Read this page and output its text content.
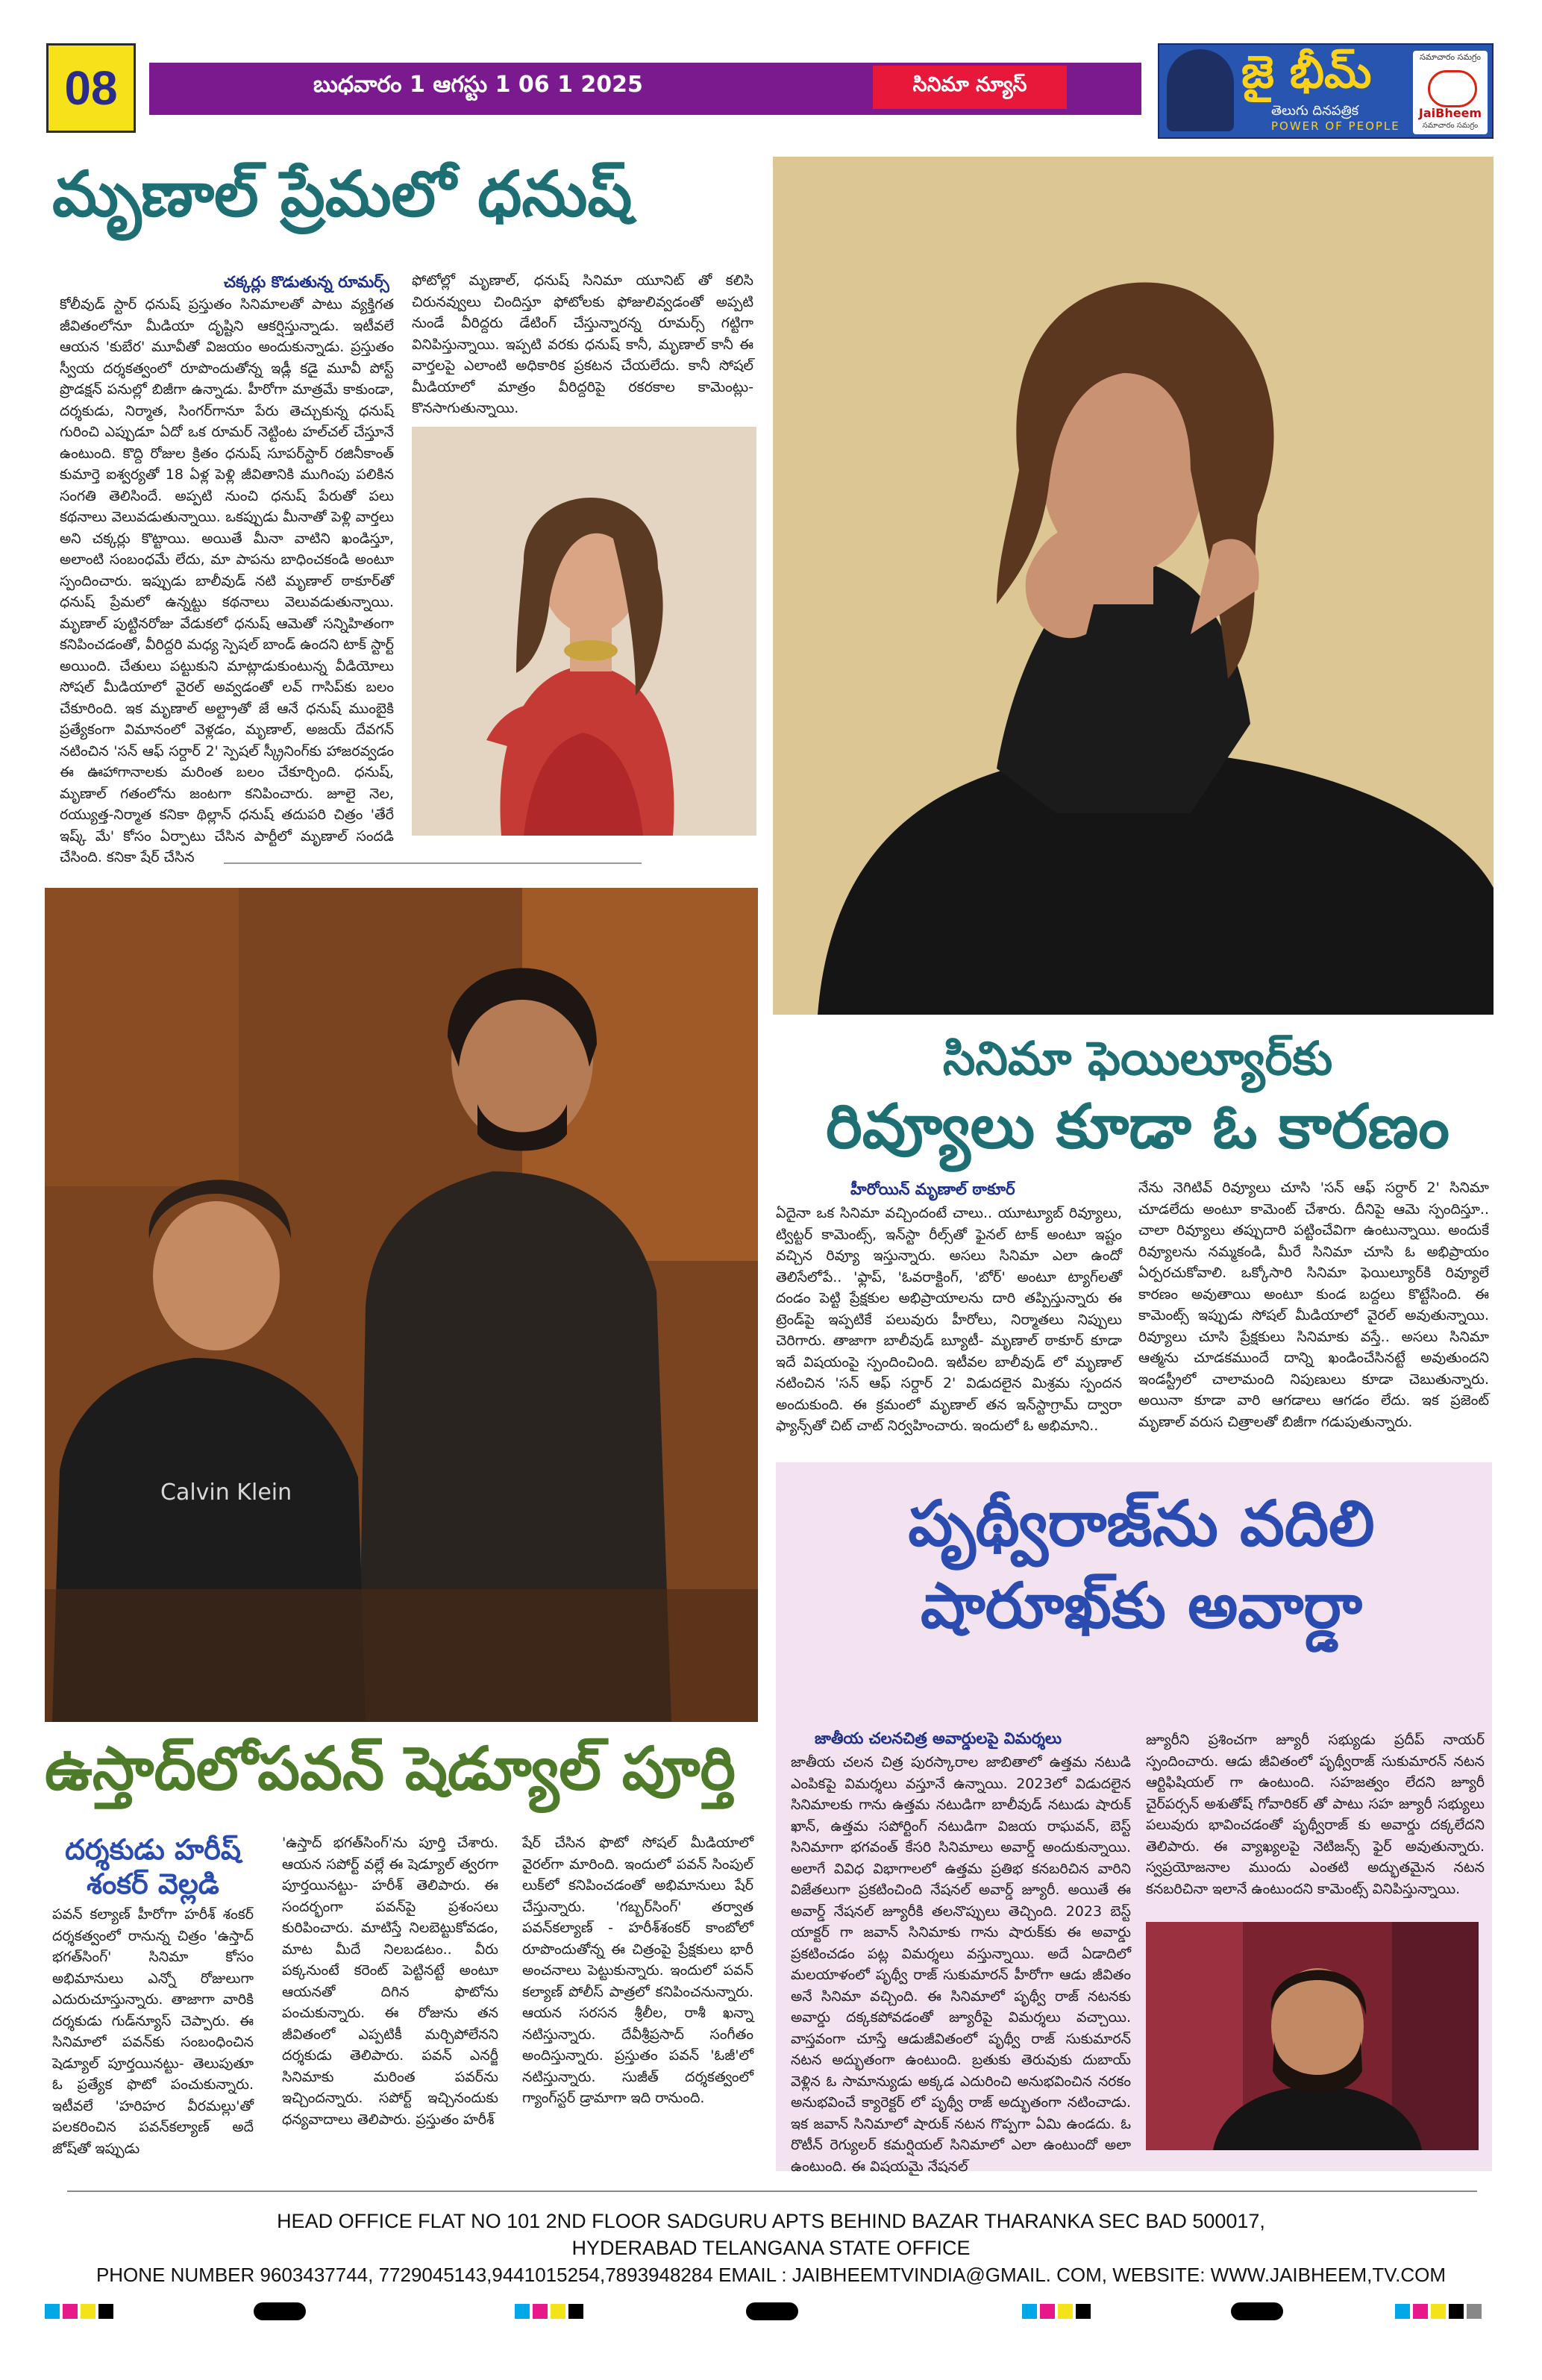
08	బుధవారం 1 ఆగస్టు 1 06 1 2025	సినిమా న్యూస్	జై భీమ్
తెలుగు దినపత్రిక
POWER OF PEOPLE
సమాచారం సమగ్రం
JaiBheem
సమాచారం సమగ్రం
మృణాల్ ప్రేమలో ధనుష్
చక్కర్లు కొడుతున్న రూమర్స్

కోలీవుడ్ స్టార్ ధనుష్ ప్రస్తుతం సినిమాలతో పాటు వ్యక్తిగత జీవితంలోనూ మీడియా దృష్టిని ఆకర్షిస్తున్నాడు. ఇటీవలే ఆయన 'కుబేర' మూవీతో విజయం అందుకున్నాడు. ప్రస్తుతం స్వీయ దర్శకత్వంలో రూపొందుతోన్న ఇడ్లీ కడై మూవీ పోస్ట్ ప్రొడక్షన్ పనుల్లో బిజీగా ఉన్నాడు. హీరోగా మాత్రమే కాకుండా, దర్శకుడు, నిర్మాత, సింగర్‌గానూ పేరు తెచ్చుకున్న ధనుష్ గురించి ఎప్పుడూ ఏదో ఒక రూమర్ నెట్టింట హల్‌చల్ చేస్తూనే ఉంటుంది. కొద్ది రోజుల క్రితం ధనుష్ సూపర్‌స్టార్ రజినీకాంత్ కుమార్తె ఐశ్వర్యతో 18 ఏళ్ల పెళ్లి జీవితానికి ముగింపు పలికిన సంగతి తెలిసిందే. అప్పటి నుంచి ధనుష్ పేరుతో పలు కథనాలు వెలువడుతున్నాయి. ఒకప్పుడు మీనాతో పెళ్లి వార్తలు అని చక్కర్లు కొట్టాయి. అయితే మీనా వాటిని ఖండిస్తూ, అలాంటి సంబంధమే లేదు, మా పాపను బాధించకండి అంటూ స్పందించారు. ఇప్పుడు బాలీవుడ్ నటి మృణాల్ ఠాకూర్‌తో ధనుష్ ప్రేమలో ఉన్నట్టు కథనాలు వెలువడుతున్నాయి. మృణాల్ పుట్టినరోజు వేడుకలో ధనుష్ ఆమెతో సన్నిహితంగా కనిపించడంతో, వీరిద్దరి మధ్య స్పెషల్ బాండ్ ఉందని టాక్ స్టార్ట్ అయింది. చేతులు పట్టుకుని మాట్లాడుకుంటున్న వీడియోలు సోషల్ మీడియాలో వైరల్ అవ్వడంతో లవ్ గాసిప్‌కు బలం చేకూరింది. ఇక మృణాల్ అల్ట్రాతో జే ఆనే ధనుష్ ముంబైకి ప్రత్యేకంగా విమానంలో వెళ్లడం, మృణాల్, అజయ్ దేవగన్ నటించిన 'సన్ ఆఫ్ సర్దార్ 2' స్పెషల్ స్క్రీనింగ్‌కు హాజరవ్వడం ఈ ఊహాగానాలకు మరింత బలం చేకూర్చింది. ధనుష్, మృణాల్ గతంలోను జంటగా కనిపించారు. జూలై నెల, రయ్యుత్త-నిర్మాత కనికా థిల్లాన్ ధనుష్ తదుపరి చిత్రం 'తేరే ఇష్క్ మే' కోసం ఏర్పాటు చేసిన పార్టీలో మృణాల్ సందడి చేసింది. కనికా షేర్ చేసిన

ఫోటోల్లో మృణాల్, ధనుష్ సినిమా యూనిట్ తో కలిసి చిరునవ్వులు చిందిస్తూ ఫోటోలకు ఫోజులివ్వడంతో అప్పటి నుండే వీరిద్దరు డేటింగ్ చేస్తున్నారన్న రూమర్స్ గట్టిగా వినిపిస్తున్నాయి. ఇప్పటి వరకు ధనుష్ కానీ, మృణాల్ కానీ ఈ వార్తలపై ఎలాంటి అధికారిక ప్రకటన చేయలేదు. కానీ సోషల్ మీడియాలో మాత్రం వీరిద్దరిపై రకరకాల కామెంట్లు-కొనసాగుతున్నాయి.

Calvin Klein
సినిమా ఫెయిల్యూర్‌కు
రివ్యూలు కూడా ఓ కారణం
హీరోయిన్ మృణాల్ ఠాకూర్

ఏదైనా ఒక సినిమా వచ్చిందంటే చాలు.. యూట్యూబ్ రివ్యూలు, ట్విట్టర్ కామెంట్స్, ఇన్‌స్టా రీల్స్‌తో ఫైనల్ టాక్ అంటూ ఇష్టం వచ్చిన రివ్యూ ఇస్తున్నారు. అసలు సినిమా ఎలా ఉందో తెలిసేలోపే.. 'ఫ్లాప్, 'ఓవరాక్టింగ్, 'బోర్' అంటూ ట్యాగ్‌లతో దండం పెట్టి ప్రేక్షకుల అభిప్రాయాలను దారి తప్పిస్తున్నారు ఈ ట్రెండ్‌పై ఇప్పటికే పలువురు హీరోలు, నిర్మాతలు నిప్పులు చెరిగారు. తాజాగా బాలీవుడ్ బ్యూటీ- మృణాల్ ఠాకూర్ కూడా ఇదే విషయంపై స్పందించింది. ఇటీవల బాలీవుడ్ లో మృణాల్ నటించిన 'సన్ ఆఫ్ సర్దార్ 2' విడుదలైన మిశ్రమ స్పందన అందుకుంది. ఈ క్రమంలో మృణాల్ తన ఇన్‌స్టాగ్రామ్ ద్వారా ఫ్యాన్స్‌తో చిట్ చాట్ నిర్వహించారు. ఇందులో ఓ అభిమాని..

నేను నెగిటివ్ రివ్యూలు చూసి 'సన్ ఆఫ్ సర్దార్ 2' సినిమా చూడలేదు అంటూ కామెంట్ చేశారు. దీనిపై ఆమె స్పందిస్తూ.. చాలా రివ్యూలు తప్పుదారి పట్టించేవిగా ఉంటున్నాయి. అందుకే రివ్యూలను నమ్మకండి, మీరే సినిమా చూసి ఓ అభిప్రాయం ఏర్పరచుకోవాలి. ఒక్కోసారి సినిమా ఫెయిల్యూర్‌కి రివ్యూలే కారణం అవుతాయి అంటూ కుండ బద్దలు కొట్టేసింది. ఈ కామెంట్స్ ఇప్పుడు సోషల్ మీడియాలో వైరల్ అవుతున్నాయి. రివ్యూలు చూసి ప్రేక్షకులు సినిమాకు వస్తే.. అసలు సినిమా ఆత్మను చూడకముందే దాన్ని ఖండించేసినట్టే అవుతుందని ఇండస్ట్రీలో చాలామంది నిపుణులు కూడా చెబుతున్నారు. అయినా కూడా వారి ఆగడాలు ఆగడం లేదు. ఇక ప్రజెంట్ మృణాల్ వరుస చిత్రాలతో బిజీగా గడుపుతున్నారు.

పృథ్వీరాజ్‌ను వదిలి
షారూఖ్‌కు అవార్డా
జాతీయ చలనచిత్ర అవార్డులపై విమర్శలు

జాతీయ చలన చిత్ర పురస్కారాల జాబితాలో ఉత్తమ నటుడి ఎంపికపై విమర్శలు వస్తూనే ఉన్నాయి. 2023లో విడుదలైన సినిమాలకు గాను ఉత్తమ నటుడిగా బాలీవుడ్ నటుడు షారుక్ ఖాన్, ఉత్తమ సపోర్టింగ్ నటుడిగా విజయ రాఘవన్, బెస్ట్ సినిమాగా భగవంత్ కేసరి సినిమాలు అవార్డ్ అందుకున్నాయి. అలాగే వివిధ విభాగాలలో ఉత్తమ ప్రతిభ కనబరిచిన వారిని విజేతలుగా ప్రకటించింది నేషనల్ అవార్డ్ జ్యూరీ. అయితే ఈ అవార్డ్ నేషనల్ జ్యూరీకి తలనొప్పులు తెచ్చింది. 2023 బెస్ట్ యాక్టర్ గా జవాన్ సినిమాకు గాను షారుక్‌కు ఈ అవార్డు ప్రకటించడం పట్ల విమర్శలు వస్తున్నాయి. అదే ఏడాదిలో మలయాళంలో పృథ్వీ రాజ్ సుకుమారన్ హీరోగా ఆడు జీవితం అనే సినిమా వచ్చింది. ఈ సినిమాలో పృథ్వీ రాజ్ నటనకు అవార్డు దక్కకపోవడంతో జ్యూరీపై విమర్శలు వచ్చాయి. వాస్తవంగా చూస్తే ఆడుజీవితంలో పృథ్వీ రాజ్ సుకుమారన్ నటన అద్భుతంగా ఉంటుంది. బ్రతుకు తెరువుకు దుబాయ్ వెళ్లిన ఓ సామాన్యుడు అక్కడ ఎదురించి అనుభవించిన నరకం అనుభవించే క్యారెక్టర్ లో పృథ్వీ రాజ్ అద్భుతంగా నటించాడు. ఇక జవాన్ సినిమాలో షారుక్ నటన గొప్పగా ఏమి ఉండదు. ఓ రొటీన్ రెగ్యులర్ కమర్షియల్ సినిమాలో ఎలా ఉంటుందో అలా ఉంటుంది. ఈ విషయమై నేషనల్

జ్యూరీని ప్రశించగా జ్యూరీ సభ్యుడు ప్రదీప్ నాయర్ స్పందించారు. ఆడు జీవితంలో పృథ్వీరాజ్ సుకుమారన్ నటన ఆర్టిఫిషియల్ గా ఉంటుంది. సహజత్వం లేదని జ్యూరీ చైర్‌పర్సన్ అశుతోష్ గోవారికర్ తో పాటు సహ జ్యూరీ సభ్యులు పలువురు భావించడంతో పృథ్వీరాజ్ కు అవార్డు దక్కలేదని తెలిపారు. ఈ వ్యాఖ్యలపై నెటిజన్స్ ఫైర్ అవుతున్నారు. స్వప్రయోజనాల ముందు ఎంతటి అద్భుతమైన నటన కనబరిచినా ఇలానే ఉంటుందని కామెంట్స్ వినిపిస్తున్నాయి.

ఉస్తాద్‌లోపవన్ షెడ్యూల్ పూర్తి
దర్శకుడు హరీష్ శంకర్ వెల్లడి

పవన్ కల్యాణ్ హీరోగా హరీశ్ శంకర్ దర్శకత్వంలో రానున్న చిత్రం 'ఉస్తాద్ భగత్‌సింగ్' సినిమా కోసం అభిమానులు ఎన్నో రోజులుగా ఎదురుచూస్తున్నారు. తాజాగా వారికి దర్శకుడు గుడ్‌న్యూస్ చెప్పారు. ఈ సినిమాలో పవన్‌కు సంబంధించిన షెడ్యూల్ పూర్తయినట్టు- తెలుపుతూ ఓ ప్రత్యేక ఫొటో పంచుకున్నారు. ఇటీవలే 'హరిహర వీరమల్లు'తో పలకరించిన పవన్‌కల్యాణ్ అదే జోష్‌తో ఇప్పుడు

'ఉస్తాద్ భగత్‌సింగ్'ను పూర్తి చేశారు. ఆయన సపోర్ట్ వల్లే ఈ షెడ్యూల్ త్వరగా పూర్తయినట్టు- హరీశ్ తెలిపారు. ఈ సందర్భంగా పవన్‌పై ప్రశంసలు కురిపించారు. మాటిస్తే నిలబెట్టుకోవడం, మాట మీదే నిలబడటం.. వీరు పక్కనుంటే కరెంట్ పెట్టినట్టే అంటూ ఆయనతో దిగిన ఫొటోను పంచుకున్నారు. ఈ రోజును తన జీవితంలో ఎప్పటికీ మర్చిపోలేనని దర్శకుడు తెలిపారు. పవన్ ఎనర్జీ సినిమాకు మరింత పవర్‌ను ఇచ్చిందన్నారు. సపోర్ట్ ఇచ్చినందుకు ధన్యవాదాలు తెలిపారు. ప్రస్తుతం హరీశ్

షేర్ చేసిన ఫొటో సోషల్ మీడియాలో వైరల్‌గా మారింది. ఇందులో పవన్ సింపుల్ లుక్‌లో కనిపించడంతో అభిమానులు షేర్ చేస్తున్నారు. 'గబ్బర్‌సింగ్' తర్వాత పవన్‌కల్యాణ్ - హరీశ్‌శంకర్ కాంబోలో రూపొందుతోన్న ఈ చిత్రంపై ప్రేక్షకులు భారీ అంచనాలు పెట్టుకున్నారు. ఇందులో పవన్ కల్యాణ్ పోలీస్ పాత్రలో కనిపించనున్నారు. ఆయన సరసన శ్రీలీల, రాశీ ఖన్నా నటిస్తున్నారు. దేవీశ్రీప్రసాద్ సంగీతం అందిస్తున్నారు. ప్రస్తుతం పవన్ 'ఓజీ'లో నటిస్తున్నారు. సుజీత్ దర్శకత్వంలో గ్యాంగ్‌స్టర్ డ్రామాగా ఇది రానుంది.

HEAD OFFICE FLAT NO 101 2ND FLOOR SADGURU APTS BEHIND BAZAR THARANKA SEC BAD 500017,
HYDERABAD TELANGANA STATE OFFICE
PHONE NUMBER 9603437744, 7729045143,9441015254,7893948284 EMAIL : JAIBHEEMTVINDIA@GMAIL. COM, WEBSITE: WWW.JAIBHEEM,TV.COM
